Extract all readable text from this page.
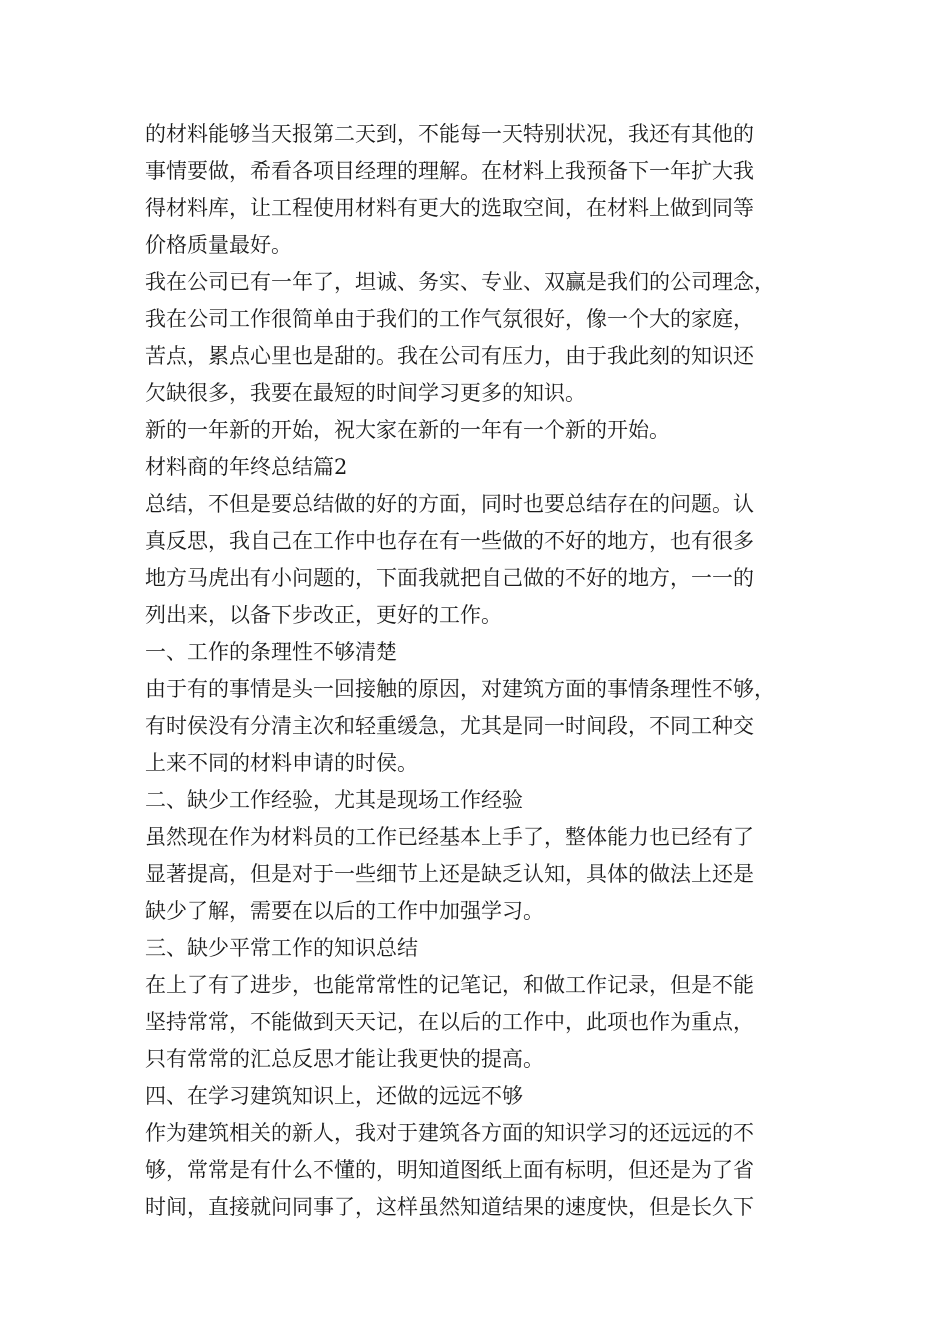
的材料能够当天报第二天到，不能每一天特别状况，我还有其他的
事情要做，希看各项目经理的理解。在材料上我预备下一年扩大我
得材料库，让工程使用材料有更大的选取空间，在材料上做到同等
价格质量最好。
我在公司已有一年了，坦诚、务实、专业、双赢是我们的公司理念，
我在公司工作很简单由于我们的工作气氛很好，像一个大的家庭，
苦点，累点心里也是甜的。我在公司有压力，由于我此刻的知识还
欠缺很多，我要在最短的时间学习更多的知识。
新的一年新的开始，祝大家在新的一年有一个新的开始。
材料商的年终总结篇2
总结，不但是要总结做的好的方面，同时也要总结存在的问题。认
真反思，我自己在工作中也存在有一些做的不好的地方，也有很多
地方马虎出有小问题的，下面我就把自己做的不好的地方，一一的
列出来，以备下步改正，更好的工作。
一、工作的条理性不够清楚
由于有的事情是头一回接触的原因，对建筑方面的事情条理性不够，
有时侯没有分清主次和轻重缓急，尤其是同一时间段，不同工种交
上来不同的材料申请的时侯。
二、缺少工作经验，尤其是现场工作经验
虽然现在作为材料员的工作已经基本上手了，整体能力也已经有了
显著提高，但是对于一些细节上还是缺乏认知，具体的做法上还是
缺少了解，需要在以后的工作中加强学习。
三、缺少平常工作的知识总结
在上了有了进步，也能常常性的记笔记，和做工作记录，但是不能
坚持常常，不能做到天天记，在以后的工作中，此项也作为重点，
只有常常的汇总反思才能让我更快的提高。
四、在学习建筑知识上，还做的远远不够
作为建筑相关的新人，我对于建筑各方面的知识学习的还远远的不
够，常常是有什么不懂的，明知道图纸上面有标明，但还是为了省
时间，直接就问同事了，这样虽然知道结果的速度快，但是长久下
